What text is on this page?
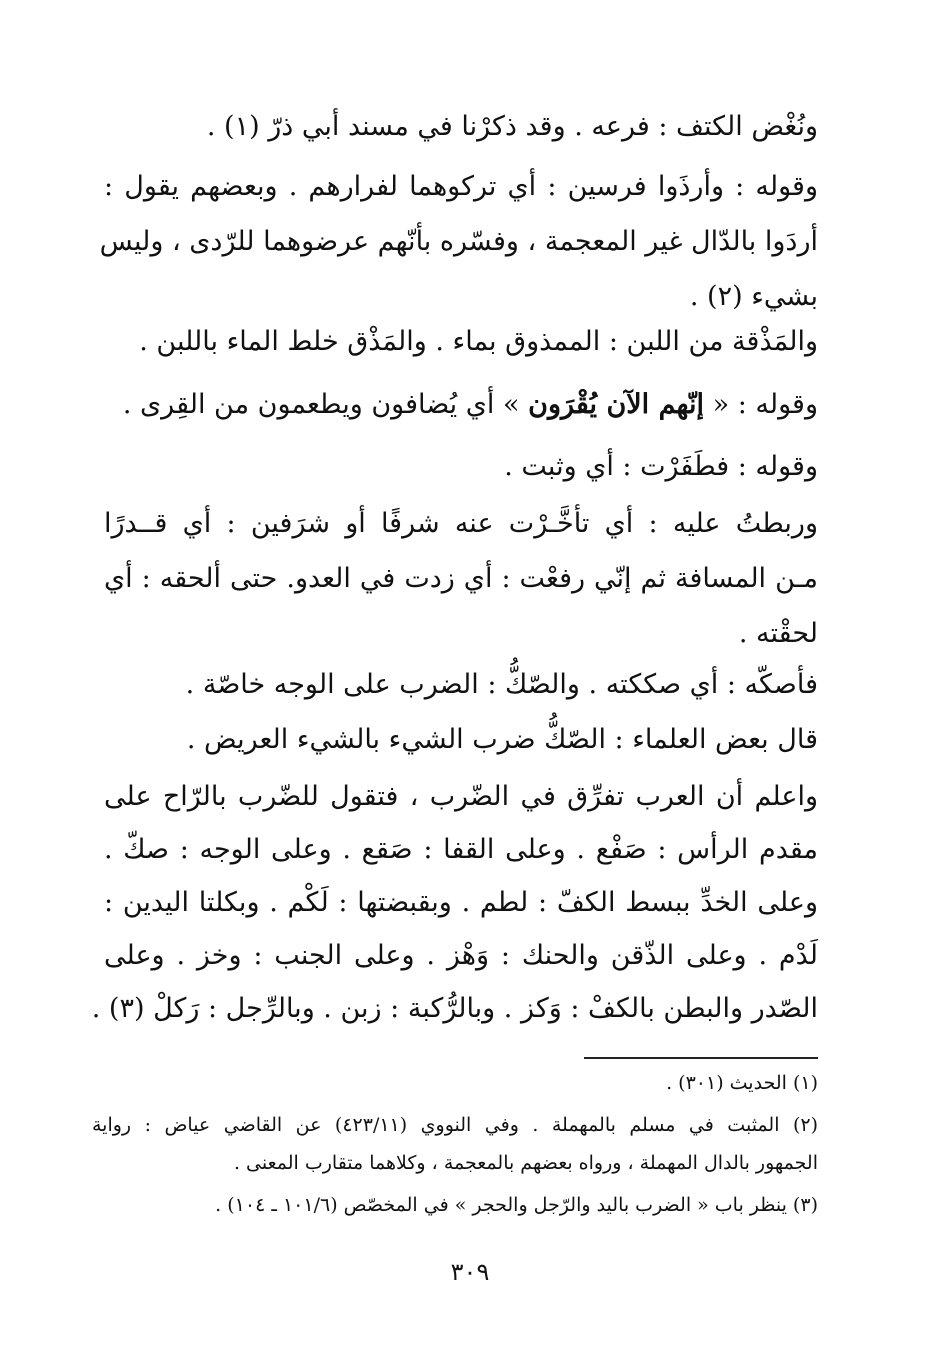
ونُغْض الكتف : فرعه . وقد ذكرْنا في مسند أبي ذرّ (١) .
وقوله : وأرذَوا فرسين : أي تركوهما لفرارهم . وبعضهم يقول :
أردَوا بالدّال غير المعجمة ، وفسّره بأنّهم عرضوهما للرّدى ، وليس
بشيء (٢) .
والمَذْقة من اللبن : الممذوق بماء . والمَذْق خلط الماء باللبن .
وقوله : « إنّهم الآن يُقْرَون » أي يُضافون ويطعمون من القِرى .
وقوله : فطَفَرْت : أي وثبت .
وربطتُ عليه : أي تأخَّـرْت عنه شرفًا أو شرَفين : أي قــدرًا
مـن المسافة ثم إنّي رفعْت : أي زدت في العدو. حتى ألحقه : أي
لحقْته .
فأصكّه : أي صككته . والصّكُّ : الضرب على الوجه خاصّة .
قال بعض العلماء : الصّكُّ ضرب الشيء بالشيء العريض .
واعلم أن العرب تفرِّق في الضّرب ، فتقول للضّرب بالرّاح على
مقدم الرأس : صَفْع . وعلى القفا : صَقع . وعلى الوجه : صكّ .
وعلى الخدِّ ببسط الكفّ : لطم . وبقبضتها : لَكْم . وبكلتا اليدين :
لَدْم . وعلى الذّقن والحنك : وَهْز . وعلى الجنب : وخز . وعلى
الصّدر والبطن بالكفْ : وَكز . وبالرُّكبة : زبن . وبالرِّجل : رَكلْ (٣) .
(١) الحديث (٣٠١) .
(٢) المثبت في مسلم بالمهملة . وفي النووي (٤٢٣/١١) عن القاضي عياض : رواية
الجمهور بالدال المهملة ، ورواه بعضهم بالمعجمة ، وكلاهما متقارب المعنى .
(٣) ينظر باب « الضرب باليد والرّجل والحجر » في المخصّص (١٠١/٦ ـ ١٠٤) .
٣٠٩
